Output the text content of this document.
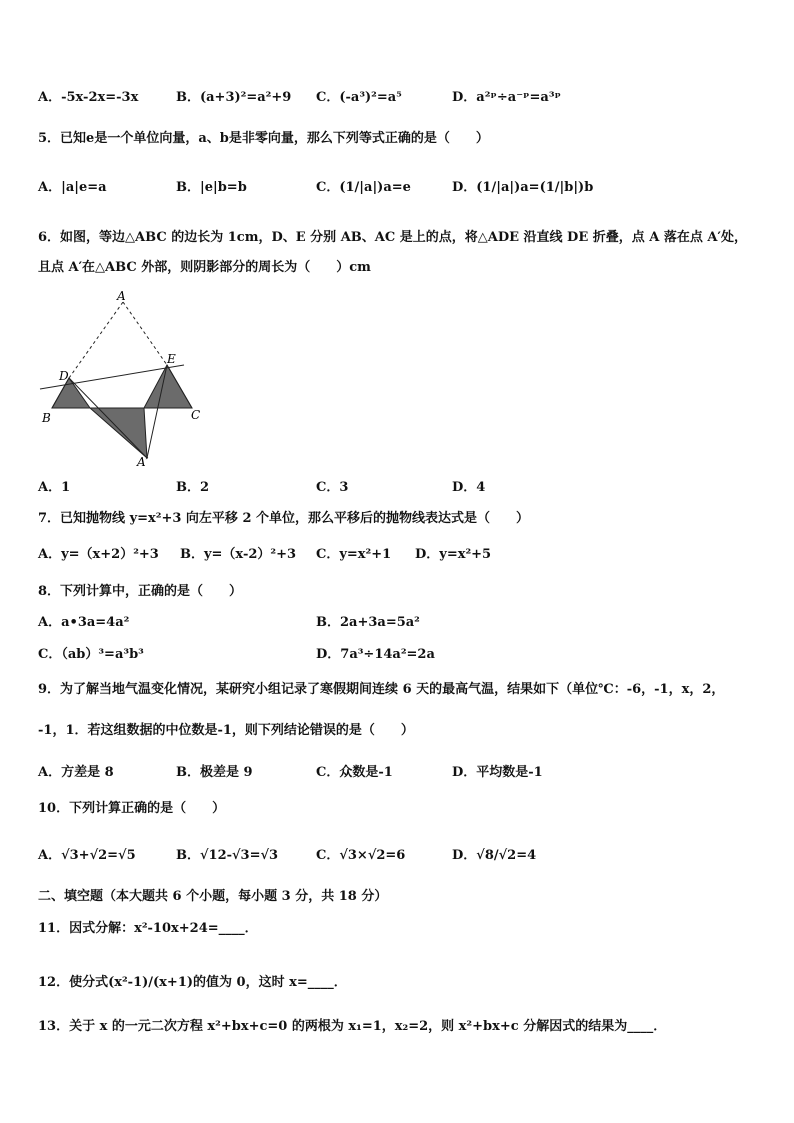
A．-5x-2x=-3x	B．(a+3)²=a²+9 C．(-a³)²=a⁵	D．a²ᵖ÷a⁻ᵖ=a³ᵖ
5．已知e是一个单位向量，a、b是非零向量，那么下列等式正确的是（　　）
A．|a|e=a	B．|e|b=b	C．(1/|a|)a=e	D．(1/|a|)a=(1/|b|)b
6．如图，等边△ABC 的边长为 1cm，D、E 分别 AB、AC 是上的点，将△ADE 沿直线 DE 折叠，点 A 落在点 A′处，
且点 A′在△ABC 外部，则阴影部分的周长为（　　）cm
A
D
E
B	C
A′
A．1	B．2	C．3	D．4
7．已知抛物线 y=x²+3 向左平移 2 个单位，那么平移后的抛物线表达式是（　　）
A．y=（x+2）²+3 B．y=（x-2）²+3 C．y=x²+1 D．y=x²+5
8．下列计算中，正确的是（　　）
A．a•3a=4a²	B．2a+3a=5a²
C．（ab）³=a³b³	D．7a³÷14a²=2a
9．为了解当地气温变化情况，某研究小组记录了寒假期间连续 6 天的最高气温，结果如下（单位℃：-6，-1，x，2，
-1，1．若这组数据的中位数是-1，则下列结论错误的是（　　）
A．方差是 8	B．极差是 9	C．众数是-1	D．平均数是-1
10．下列计算正确的是（　　）
A．√3+√2=√5	B．√12-√3=√3	C．√3×√2=6	D．√8/√2=4
二、填空题（本大题共 6 个小题，每小题 3 分，共 18 分）
11．因式分解：x²-10x+24=____．
12．使分式(x²-1)/(x+1)的值为 0，这时 x=____．
13．关于 x 的一元二次方程 x²+bx+c=0 的两根为 x₁=1，x₂=2，则 x²+bx+c 分解因式的结果为____．
